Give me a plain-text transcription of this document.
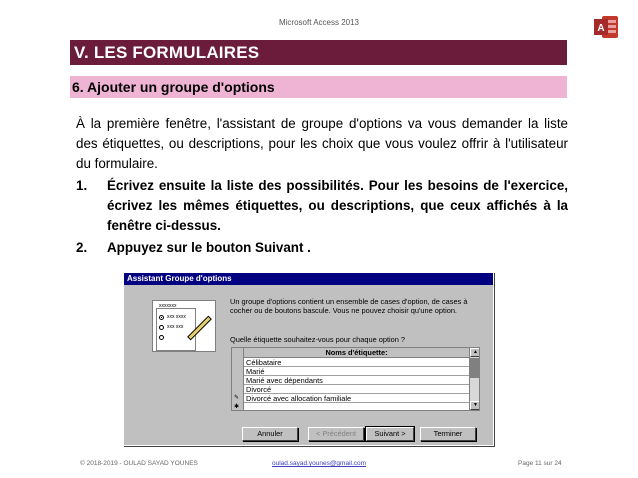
Microsoft Access 2013
A
V. LES FORMULAIRES
6. Ajouter un groupe d'options

À la première fenêtre, l'assistant de groupe d'options va vous demander la liste des étiquettes, ou descriptions, pour les choix que vous voulez offrir à l'utilisateur du formulaire.

1. Écrivez ensuite la liste des possibilités. Pour les besoins de l'exercice, écrivez les mêmes étiquettes, ou descriptions, que ceux affichés à la fenêtre ci-dessus.
2. Appuyez sur le bouton Suivant .
Assistant Groupe d'options
xxxxxxx
xxx xxxx
xxx xxx
Un groupe d'options contient un ensemble de cases d'option, de cases à cocher ou de boutons bascule. Vous ne pouvez choisir qu'une option.
Quelle étiquette souhaitez-vous pour chaque option ?
Noms d'étiquette:
Célibataire
Marié
Marié avec dépendants
Divorcé
Divorcé avec allocation familiale
✎
✱
▲
▼
Annuler	< Précédent	Suivant >	Terminer
© 2018-2019 - OULAD SAYAD YOUNES	oulad.sayad.younes@gmail.com	Page 11 sur 24
